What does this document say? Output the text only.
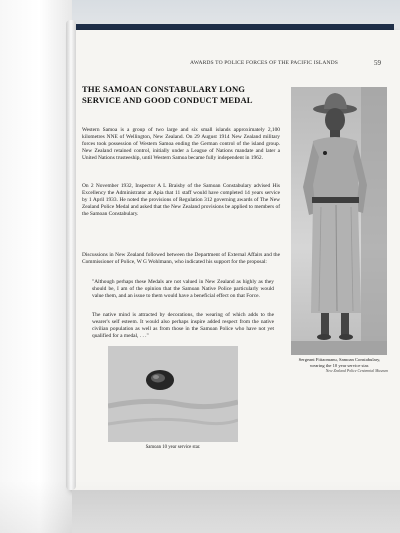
AWARDS TO POLICE FORCES OF THE PACIFIC ISLANDS	59
THE SAMOAN CONSTABULARY LONG SERVICE AND GOOD CONDUCT MEDAL

Western Samoa is a group of two large and six small islands approximately 2,100 kilometres NNE of Wellington, New Zealand. On 29 August 1914 New Zealand military forces took possession of Western Samoa ending the German control of the island group. New Zealand retained control, initially under a League of Nations mandate and later a United Nations trusteeship, until Western Samoa became fully independent in 1962.

On 2 November 1932, Inspector A L Braisby of the Samoan Constabulary advised His Excellency the Administrator at Apia that 11 staff would have completed 14 years service by 1 April 1933. He noted the provisions of Regulation 312 governing awards of The New Zealand Police Medal and asked that the New Zealand provisions be applied to members of the Samoan Constabulary.

Discussions in New Zealand followed between the Department of External Affairs and the Commissioner of Police, W G Wohlmann, who indicated his support for the proposal:

"Although perhaps these Medals are not valued in New Zealand as highly as they should be, I am of the opinion that the Samoan Native Police particularly would value them, and an issue to them would have a beneficial effect on that Force.

The native mind is attracted by decorations, the wearing of which adds to the wearer's self esteem. It would also perhaps inspire added respect from the native civilian population as well as from those in the Samoan Police who have not yet qualified for a medal, . . ."

Sergeant Fiitaomanu, Samoan Constabulary, wearing the 10 year service star.
New Zealand Police Centennial Museum
Samoan 10 year service star.
